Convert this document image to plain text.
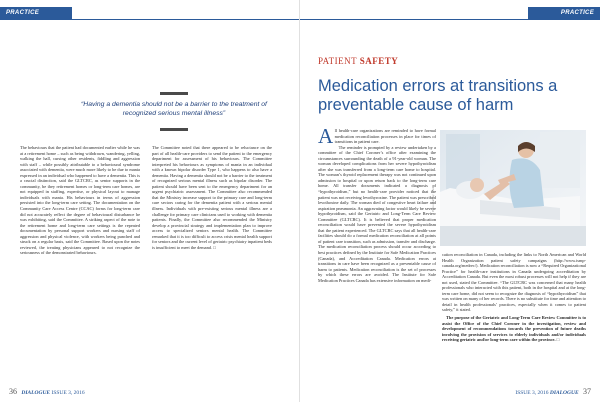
PRACTICE PARTNER
“Having a dementia should not be a barrier to the treatment of recognized serious mental illness”

The behaviours that the patient had documented earlier while he was at a retirement home – such as being withdrawn, wandering, yelling, walking the hall, cursing other residents, fiddling and aggression with staff – while possibly attributable to a behavioural syndrome associated with dementia, were much more likely to be due to mania expressed in an individual who happened to have a dementia. This is a crucial distinction, said the GLTCRC, as sentor supports in the community, be they retirement homes or long-term care homes, are not equipped in staffing, expertise, or physical layout to manage individuals with mania. His behaviours in terms of aggression persisted into the long-term care setting. The documentation on the Community Care Access Centre (CCAC) forms for long-term care did not accurately reflect the degree of behavioural disturbance he was exhibiting, said the Committee. A striking aspect of the note to the retirement home and long-term care settings is the repeated documentation by personal support workers and nursing staff of aggression and physical violence, with workers being punched and struck on a regular basis, said the Committee. Based upon the notes reviewed, the treating physicians appeared to not recognize the seriousness of the demonstrated behaviours.

The Committee noted that there appeared to be reluctance on the part of all health-care providers to send the patient to the emergency department for assessment of his behaviours. The Committee interpreted his behaviours as symptoms of mania in an individual with a known bipolar disorder Type 1, who happens to also have a dementia. Having a dementia should not be a barrier to the treatment of recognized serious mental illness such as bipolar disorder. The patient should have been sent to the emergency department for an urgent psychiatric assessment. The Committee also recommended that the Ministry increase support to the primary care and long-term care sectors caring for the dementia patient with a serious mental illness. Individuals with pre-existing serious mental illness are a challenge for primary care clinicians used to working with dementia patients. Finally, the Committee also recommended the Ministry develop a provincial strategy and implementation plan to improve access to specialized seniors mental health. The Committee remarked that it is too difficult to access crisis mental health support for seniors and the current level of geriatric psychiatry inpatient beds is insufficient to meet the demand. □

36 DIALOGUE ISSUE 3, 2016
PRACTICE PARTNER
PATIENT SAFETY
Medication errors at transitions a preventable cause of harm

All health-care organizations are reminded to have formal medication reconciliation processes in place for times of transitions in patient care.

The reminder is prompted by a review undertaken by a committee of the Chief Coroner’s office after examining the circumstances surrounding the death of a 91-year-old woman. The woman developed complications from her severe hypothyroidism after she was transferred from a long-term care home to hospital. The woman’s thyroid replacement therapy was not continued upon admission to hospital or upon return back to the long-term care home. All transfer documents indicated a diagnosis of “hypothyroidism,” but no health-care provider noticed that the patient was not receiving levothyroxine. The patient was prescribed levothoxine daily. The woman died of congestive heart failure and aspiration pneumonia. An aggravating factor would likely be severe hypothyroidism, said the Geriatric and Long-Term Care Review Committee (GLTCRC). It is believed that proper medication reconciliation would have prevented the severe hypothyroidism that the patient experienced. The GLTCRC says that all health-care facilities should do a formal medication reconciliation at all points of patient care transition, such as admission, transfer and discharge. The medication reconciliation process should occur according to best practices defined by the Institute for Safe Medication Practices (Canada), and Accreditation Canada. Medication errors at transitions in care have been recognized as a preventable cause of harm to patients. Medication reconciliation is the set of processes by which these errors are avoided. The Institute for Safe Medication Practices Canada has extensive information on medi-

Photo courtesy: Fotolia

cation reconciliation in Canada, including the links to North American and World Health Organization patient safety campaigns (http://www.ismp-canada.org/medrec/). Medication reconciliation is now a “Required Organizational Practice” for health-care institutions in Canada undergoing accreditation by Accreditation Canada. But even the most robust processes will not help if they are not used, stated the Committee. “The GLTCRC was concerned that many health professionals who interacted with this patient, both in the hospital and at the long-term care home, did not seem to recognize the diagnosis of “hypothyroidism” that was written on many of her records. There is no substitute for time and attention to detail in health professionals’ practices, especially when it comes to patient safety,” it stated.

The purpose of the Geriatric and Long-Term Care Review Committee is to assist the Office of the Chief Coroner in the investigation, review and development of recommendations towards the prevention of future deaths involving the provision of services to elderly individuals and/or individuals receiving geriatric and/or long-term care within the province. □

ISSUE 3, 2016 DIALOGUE 37
